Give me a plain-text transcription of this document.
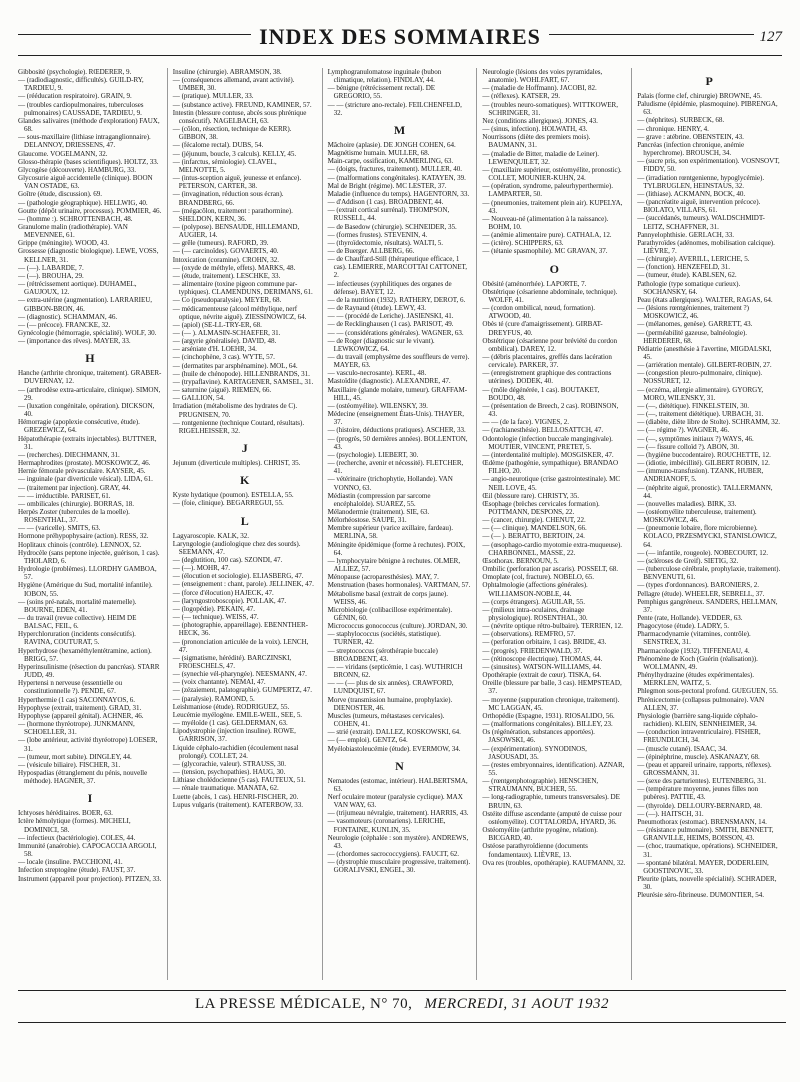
INDEX DES SOMMAIRES	127
Gibbosité (psychologie). RŒDERER, 9.
— (radiodiagnostic, difficultés). GUILD-RY, TARDIEU, 9.
— (rééducation respiratoire). GRAIN, 9.
— (troubles cardiopulmonaires, tuberculoses pulmonaires) CAUSSADE, TARDIEU, 9.
Glandes salivaires (méthode d'exploration) FAUX, 68.
— sous-maxillaire (lithiase intraganglionnaire). DELANNOY, DRIESSENS, 47.
Glaucome. VOGELMANN, 32.
Glosso-thérapie (bases scientifiques). HOLTZ, 33.
Glycogèse (découverte). HAMBURG, 33.
Glycosurie aiguë accidentelle (clinique). BOON VAN OSTADE, 63.
Goître (étude, discussion). 69.
— (pathologie géographique). HELLWIG, 40.
Goutte (dépôt urinaire, processus). POMMIER, 46.
— (homme :). SCHROTTENBACH, 48.
Granulome malin (radiothérapie). VAN MEVENNEE, 61.
Grippe (méningite). WOOD, 43.
Grossesse (diagnostic biologique). LEWE, VOSS, KELLNER, 31.
— (—). LABARDE, 7.
— (—). BROUHA, 29.
— (rétrécissement aortique). DUHAMEL, GAUJOUX, 12.
— extra-utérine (augmentation). LARRARIEU, GIBBON-BRON, 46.
— (diagnostic). SCHAMMAN, 46.
— (— précoce). FRANCKE, 32.
Gynécologie (hémorragie, spécialité). WOLF, 30.
— (importance des rêves). MAYER, 33.
H
Hanche (arthrite chronique, traitement). GRABER-DUVERNAY, 12.
— (arthrodèse extra-articulaire, clinique). SIMON, 29.
— (luxation congénitale, opération). DICKSON, 40.
Hémorragie (apoplexie consécutive, étude). GREZEWICZ, 64.
Hépatothérapie (extraits injectables). BUTTNER, 31.
— (recherches). DIECHMANN, 31.
Hermaphrodites (prostate). MOSKOWICZ, 46.
Hernie fémorale prévasculaire. KAYSER, 45.
— inguinale (par diverticule vésical). LIDA, 61.
— (traitement par injection). GRAY, 44.
— — irréductible. PARISET, 61.
— ombilicales (chirurgie). BORRAS, 18.
Herpès Zoster (tubercules de la moelle). ROSENTHAL, 37.
— — (varicelle). SMITS, 63.
Hormone préhypophysaire (action). RESS, 32.
Hoplitaux chinois (contrôle). LENNOX, 52.
Hydrocèle (sans peptone injectée, guérison, 1 cas). THOLARD, 6.
Hydrologie (problèmes). LLORDHY GAMBOA, 57.
Hygiène (Amérique du Sud, mortalité infantile). IOBON, 55.
— (soins pré-natals, mortalité maternelle). BOURNE, EDEN, 41.
— du travail (revue collective). HEIM DE BALSAC, FEIL, 6.
Hyperchloruration (incidents consécutifs). RAVINA, COUTURAT, 5.
Hyperhydrose (hexaméthylentétramine, action). BRIGG, 57.
Hyperinsulinisme (résection du pancréas). STARR JUDD, 49.
Hypertensi n nerveuse (essentielle ou constitutionnelle ?). PENDE, 67.
Hyperthermie (1 cas) SACONNAYOS, 6.
Hypophyse (extrait, traitement). GRAD, 31.
Hypophyse (appareil génital). ACHNER, 46.
— (hormone thyréotrope). JUNKMANN, SCHOELLER, 31.
— (lobe antérieur, activité thyréotrope) LOESER, 31.
— (tumeur, mort subite). DINGLEY, 44.
— (vésicule biliaire). FISCHER, 31.
Hypospadias (étranglement du pénis, nouvelle méthode). HAGNER, 37.
I
Ichtyoses héréditaires. BOER, 63.
Ictère hémolytique (formes). MICHELI, DOMINICI, 58.
— infectieux (bactériologie). COLES, 44.
Immunité (anaérobie). CAPOCACCIA ARGOLI, 58.
— locale (insuline. PACCHIONI, 41.
Infection streptogène (étude). FAUST, 37.
Instrument (appareil pour projection). PITZEN, 33.
Insuline (chirurgie). ABRAMSON, 38.
— (conséquences allemand, avant activité). UMBER, 30.
— (pratique). MULLER, 33.
— (substance active). FREUND, KAMINER, 57.
Intestin (blessure contuse, abcès sous phrénique consécutif). NAGELBACH, 63.
— (côlon, résection, technique de KERR). GIBBON, 38.
— (fécalome rectal). DUBS, 54.
— (jéjunum, boucle, 3 calculs). KELLY, 45.
— (infarctus, sémiologie). CLAVEL, MELNOTTE, 5.
— (intus-sception aiguë, jeunesse et enfance). PETERSON, CARTER, 38.
— (invagination, réduction sous écran). BRANDBERG, 66.
— (mégacôlon, traitement : parathormine). SHELDON, KERN, 36.
— (polypose). BENSAUDE, HILLEMAND, AUGIER, 14.
— grêle (tumeurs). RAFORD, 39.
— (— carcinoïdes). GOVAERTS, 40.
Intoxication (coramine). CROHN, 32.
— (oxyde de méthyle, effets). MARKS, 48.
— (étude, traitement). LESCHKE, 33.
— alimentaire (toxine pigeon commune par-typhiques). CLAMENDUNS, DERIMANS, 61.
— Co (pseudoparalysie). MEYER, 68.
— médicamenteuse (alcool méthylique, nerf optique, névrite aiguë). ZIESSINOWICZ, 64.
— (apiol) (SE-LL-TRY-ER, 68.
— (— ). ALMASIN-SCHAEFER, 31.
— (argyrie généralisée). DAVID, 48.
— arséniate d'H. LOEHR, 34.
— (cinchophène, 3 cas). WYTE, 57.
— (dermatites par arsphénamine). MOL, 64.
— (huile de chénopode). HILLENBRANDS, 31.
— (trypaflavine). KARTAGENER, SAMSEL, 31.
— saturnine (aiguë). RIEMEN, 66.
— GALLION, 54.
Irradiation (métabolisme des hydrates de C). PRUGNISEN, 70.
— rontgenienne (technique Coutard, résultats). RIGELHEISSER, 32.
J
Jejunum (diverticule multiples). CHRIST, 35.
K
Kyste hydatique (poumon). ESTELLA, 55.
— (foie, clinique). BEGARREGUI, 55.
L
Lagyaroscopie. KALK, 32.
Laryngologie (audiologique chez des sourds). SEEMANN, 47.
— (deglutition, 100 cas). SZONDI, 47.
— (—). MOHR, 47.
— (élocution et sociologie). ELIASBERG, 47.
— (enseignement : chant, parole). JELLINEK, 47.
— (force d'élocution) HAJECK, 47.
— (laryngostroboscopie). POLLAK, 47.
— (logopédie). PEKAIN, 47.
— (— technique). WEISS, 47.
— (photographie, appareillage). EBENNTHER-HECK, 36.
— (prononciation articulée de la voix). LENCH, 47.
— (sigmatisme, hérédité). BARCZINSKI, FROESCHELS, 47.
— (synechie vél-pharyngée). NEESMANN, 47.
— (voix chantante). NEMAI, 47.
— (zézaiement, palatographie). GUMPERTZ, 47.
— (paralysie). RAMOND, 5.
Leishmaniose (étude). RODRIGUEZ, 55.
Leucémie myélogène. EMILE-WEIL, SEE, 5.
— myéloïde (1 cas). GELDERMAN, 63.
Lipodystrophie (injection insuline). ROWE, GARRISON, 37.
Liquide céphalo-rachidien (écoulement nasal prolongé). COLLET, 24.
— (glycorachie, valeur). STRAUSS, 30.
— (tension, psychopathies). HAUG, 30.
Lithiase cholédocienne (5 cas). FAUTEUX, 51.
— rénale traumatique. MANATA, 62.
Luette (abcès, 1 cas). HENRI-FISCHER, 20.
Lupus vulgaris (traitement). KATERBOW, 33.
Lymphogranulomatose inguinale (bubon climatique, relation). FINDLAY, 44.
— bénigne (rétrécissement rectal). DE GREGORIO, 55.
— — (stricture ano-rectale). FEILCHENFELD, 32.
M
Mâchoire (aplasie). DE JONGH COHEN, 64.
Magnétisme humain. MULLER, 68.
Main-carpe, ossification, KAMERLING, 63.
— (doigts, fractures, traitement). MULLER, 40.
— (malformations congénitales). KATAYEN, 39.
Mal de Bright (régime). MC LESTER, 37.
Maladie (influence du temps). HAGENTORN, 33.
— d'Addison (1 cas). BROADBENT, 44.
— (extrait cortical surrénal). THOMPSON, RUSSELL, 44.
— de Basedow (chirurgie). SCHNEIDER, 35.
— (formes frustes). STEVENIN, 4.
— (thyroïdectomie, résultats). WALTI, 5.
— de Buerger. ALLBERG, 66.
— de Chauffard-Still (thérapeutique efficace, 1 cas). LEMIERRE, MARCOTTAI CATTONET, 2.
— infectieuses (syphilitiques des organes de défense). BAYET, 12.
— de la nutrition (1932). RATHERY, DEROT, 6.
— de Raynaud (étude). LEWY, 43.
— — (procédé de Leriche). JASIENSKI, 41.
— de Recklinghausen (1 cas). PARISOT, 49.
— — (considérations générales). WAGNER, 63.
— de Roger (diagnostic sur le vivant). LEWKOWICZ, 64.
— du travail (emphysème des souffleurs de verre). MAYER, 63.
— vasculo-necrosante). KERL, 48.
Mastoïdite (diagnostic). ALEXANDRE, 47.
Maxillaire (glande molaire, tumeur). GRAFFAM-HILL, 45.
— (ostéomyélite). WILENSKY, 39.
Médecine (enseignement États-Unis). THAYER, 37.
— (histoire, déductions pratiques). ASCHER, 33.
— (progrès, 50 dernières années). BOLLENTON, 43.
— (psychologie). LIEBERT, 30.
— (recherche, avenir et nécessité). FLETCHER, 41.
— vétérinaire (trichophytie, Hollande). VAN VONNO, 63.
Médiastin (compression par sarcome encéphaloïde). SUAREZ, 55.
Mélanodermie (traitement). SIE, 63.
Mélorhéostose. SAUPE, 31.
Membre supérieur (varice axillaire, fardeau). MERLINA, 58.
Méningite épidémique (forme à rechutes). POIX, 64.
— lymphocytaire bénigne à rechutes. OLMER, ALLIEZ, 57.
Ménopause (acroparesthésies). MAY, 7.
Menstruation (bases hormonales). VARTMAN, 57.
Métabolisme basal (extrait de corps jaune). WEISS, 46.
Microbiologie (colibacillose expérimentale). GÉNIN, 60.
Micrococcus gonococcus (culture). JORDAN, 30.
— staphylococcus (sociétés, statistique). TURNER, 42.
— streptococcus (sérothérapie buccale) BROADBENT, 43.
— — viridans (septicémie, 1 cas). WUTHRICH BRONN, 62.
— — (— plus de six années). CRAWFORD, LUNDQUIST, 67.
Morve (transmission humaine, prophylaxie). DIENOSTER, 46.
Muscles (tumeurs, métastases cervicales). COHEN, 41.
— strié (extrait). DALLEZ, KOSKOWSKI, 64.
— (— emploi). GENTZ, 64.
Myélobiastoleucémie (étude). EVERMOW, 34.
N
Nematodes (estomac, intérieur). HALBERTSMA, 63.
Nerf oculaire moteur (paralysie cyclique). MAX VAN WAY, 63.
— (trijumeau névralgie, traitement). HARRIS, 43.
— vasomoteurs (coronariens). LERICHE, FONTAINE, KUNLIN, 35.
Neurologie (céphalée : son mystère). ANDREWS, 43.
— (chordomes sacrococcygiens). FAUCIT, 62.
— (dystrophie musculaire progressive, traitement). GORALIVSKI, ENGEL, 30.
Neurologie (lésions des voies pyramidales, anatomie). WOHLFART, 67.
— (maladie de Hoffmann). JACOBI, 82.
— (réflexes). KATSER, 29.
— (troubles neuro-somatiques). WITTKOWER, SCHRINGER, 31.
Nez (conditions allergiques). JONES, 43.
— (sinus, infection). HOLWATH, 43.
Nourrissons (diète des premiers mois). BAUMANN, 31.
— (maladie de Bitter, maladie de Leiner). LEWENQUILET, 32.
— (maxillaire supérieur, ostéomyélite, pronostic). COLLET, MOUNIER-KUHN, 24.
— (opération, syndrome, paleurhyperthermie). LAMPARTER, 50.
— (pneumonies, traitement plein air). KUPELYA, 43.
— Nouveau-né (alimentation à la naissance). BOHM, 10.
— (anémie alimentaire pure). CATHALA, 12.
— (ictère). SCHIPPERS, 63.
— (tétanie spasmophile). MC GRAVAN, 37.
O
Obésité (aménorrhée). LAPORTE, 7.
Obstétrique (césarienne abdominale, technique). WOLFF, 41.
— (cordon ombilical, nœud, formation). ATWOOD, 40.
Obès té (cure d'amaigrissement). GIRBAT-DREYFUS, 40.
Obstétrique (césarienne pour bréviété du cordon ombilical). DAREY, 12.
— (débris placentaires, greffés dans lacération cervicale). PARKER, 37.
— (enregistrement graphique des contractions utérines). DODEK, 40.
— (môle dégénérée, 1 cas). BOUTAKET, BOUDO, 48.
— (présentation de Breech, 2 cas). ROBINSON, 43.
— — (de la face). VIGNES, 2.
— (rachianesthésie). BELLOSATTCH, 47.
Odontologie (infection buccale mangingivale). MOUTIER, VINCENT, PRETET, 5.
— (interdentalité multiple). MOSGISKER, 47.
Œdème (pathogénie, sympathique). BRANDAO FILHO, 20.
— angio-neurotique (crise gastrointestinale). MC NEIL LOVE, 45.
Œil (blessure rare). CHRISTY, 35.
Œsophage (brèches cervicales formation). POTTMANN, DESPONS, 22.
— (cancer, chirurgie). CHENUT, 22.
— (— clinique). MANDELSON, 66.
— (— ). BERATTO, BERTOIN, 24.
— (œsophago-cardio myotomie extra-muqueuse). CHARBONNEL, MASSE, 22.
Œsothorax. BERNOUN, 5.
Ombilic (perforation par ascaris). POSSELT, 68.
Omoplate (col, fracture). NOBELO, 65.
Ophtalmologie (affections générales). WILLIAMSON-NOBLE, 44.
— (corps étrangers). AGUILAR, 55.
— (milieux intra-oculaires, drainage physiologique). ROSENTHAL, 30.
— (névrite optique rétro-bulbaire). TERRIEN, 12.
— (observations). REMFRO, 57.
— (perforation orbitaire, 1 cas). BRIDE, 43.
— (progrès). FRIEDENWALD, 37.
— (rétinoscope électrique). THOMAS, 44.
— (sinusites). WATSON-WILLIAMS, 44.
Opothérapie (extrait de cœur). TISKA, 64.
Oreille (blessure par balle, 3 cas). HEMPSTEAD, 37.
— moyenne (suppuration chronique, traitement). MC LAGGAN, 45.
Orthopédie (Espagne, 1931). RIOSALIDO, 56.
— (malformations congénitales). BILLEY, 23.
Os (régénération, substances apportées). JASOWSKI, 46.
— (expérimentation). SYNODINOS, JASOUSADI, 35.
— (restes embryonnaires, identification). AZNAR, 55.
— (rœntgenphotographie). HENSCHEN, STRAUMANN, BUCHER, 55.
— long-radiographie, tumeurs transversales). DE BRUIN, 63.
Ostéite diffuse ascendante (amputé de cuisse pour ostéomyélite). COTTALORDA, HYARD, 36.
Ostéomyélite (arthrite pyogène, relation). BICGARD, 40.
Ostéose parathyroïdienne (documents fondamentaux). LIÈVRE, 13.
Ova res (troubles, opothérapie). KAUFMANN, 32.
P
Palais (forme clef, chirurgie) BROWNE, 45.
Paludisme (épidémie, plasmoquine). PIBRENGA, 63.
— (néphrites). SURBECK, 68.
— chronique. HENRY, 4.
— grave : atébrine. OBENSTEIN, 43.
Pancréas (infection chronique, anémie hyperchrome). BROUSCH, 34.
— (sucre pris, son expérimentation). VOSNSOVT, FIDDY, 50.
— (irradiation rœntgenienne, hypoglycémie). TYLBRUGLEN, HEINSTAUS, 32.
— (lithiase). ACKMANN, BOCK, 40.
— (pancréatite aiguë, intervention précoce). BIOLATO, VILLAFS, 61.
— (succédanés, tumeurs). WALDSCHMIDT-LEITZ, SCHAFFNER, 31.
Pannyelophthisie. GERLACH, 33.
Parathyroïdes (adénomes, mobilisation calcique). LIÈVRE, 7.
— (chirurgie). AVERILL, LERICHE, 5.
— (fonction). HENZEFELD, 31.
— (tumeur, étude). KABLSEN, 62.
Pathologie (type somatique curieux). SOCHANSKY, 64.
Peau (états allergiques). WALTER, RAGAS, 64.
— (lésions rœntgéniennes, traitement ?) MOSKOWICZ, 46.
— (mélanomes, genèse). GARRETT, 43.
— (perméabilité gazeuse, balnéologie). HERDERER, 68.
Pédiatrie (anesthésie à l'avertine, MIGDALSKI, 45.
— (arriération mentale). GILBERT-ROBIN, 27.
— (congestion pleuro-pulmonaire, clinique). NOSSURET, 12.
— (eczéma, allergie alimentaire). GYORGY, MORO, WILENSKY, 31.
— (—, diététique). FINKELSTEIN, 30.
— (—, traitement diététique). URBACH, 31.
— (diabète, diète libre de Stolte). SCHRAMM, 32.
— (— régime ?). WAGNER, 46.
— (—, symptômes initiaux ?) WAYS, 46.
— (— fissure colloïd ?). ABON, 30.
— (hygiène buccodentaire). ROUCHETTE, 12.
— (idiotie, imbécillité). GILBERT ROBIN, 12.
— (immuno-transfusion). TZANK, HUBER, ANDRIANOFF, 5.
— (néphrite aiguë, pronostic). TALLERMANN, 44.
— (nouvelles maladies). BIRK, 33.
— (ostéomyélite tuberculeuse, traitement). MOSKOWICZ, 46.
— (pneumonie lobaire, flore microbienne). KOLACO, PRZESMYCKI, STANISLOWICZ, 64.
— (— infantile, rougeole). NOBECOURT, 12.
— (scléroses de Greif). SIETIG, 32.
— (tuberculose cérébrale, prophylaxie, traitement). BENVENUTI, 61.
— (types d'ordonnances). BARONIERS, 2.
Pellagre (étude). WHEELER, SEBRELL, 37.
Pemphigus gangréneux. SANDERS, HELLMAN, 37.
Pente (rate, Hollande). VEDDER, 63.
Phagocytose (étude). LADRY, 5.
Pharmacodynamie (vitamines, contrôle). SENSTREX, 31.
Pharmacologie (1932). TIFFENEAU, 4.
Phénomène de Koch (Guérin (réalisation)). WOLLMANN, 49.
Phénylhydrazine (études expérimentales). MERKLEN, WAITZ, 5.
Phlegmon sous-pectoral profond. GUEGUEN, 55.
Phrénicectomie (collapsus pulmonaire). VAN ALLEN, 37.
Physiologie (barrière sang-liquide céphalo-rachidien). KLEIN, SENNHEIMER, 34.
— (conduction intraventriculaire). FISHER, FREUNDLICH, 34.
— (muscle cutané). ISAAC, 34.
— (épinéphrine, muscle). ASKANAZY, 68.
— (peau et appareil urinaire, rapports, réflexes). GROSSMANN, 31.
— (sexe des parturientes). EUTENBERG, 31.
— (température moyenne, jeunes filles non pubères). PATTIE, 43.
— (thyroïde). DELLOURY-BERNARD, 48.
— (—). HAITSCH, 31.
Pneumothorax (estomac). BRENSMANN, 14.
— (résistance pulmonaire). SMITH, BENNETT, GRANVILLE, HEIMS, BOISSON, 43.
— (choc, traumatique, opérations). SCHNEIDER, 31.
— spontané bilatéral. MAYER, DODERLEIN, GOOSTINOVIC, 33.
Pleurite (plats, nouvelle spécialité). SCHRADER, 30.
Pleurésie séro-fibrineuse. DUMONTIER, 54.
LA PRESSE MÉDICALE, N° 70, MERCREDI, 31 AOUT 1932
